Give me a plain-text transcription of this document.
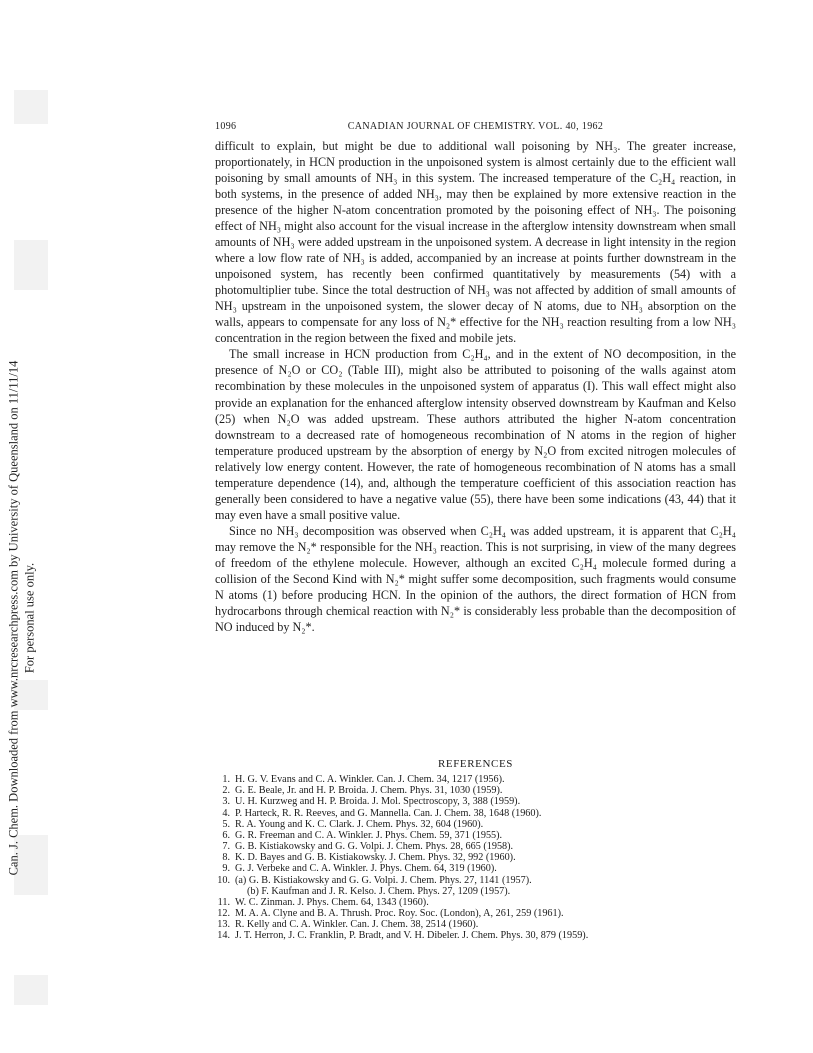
Can. J. Chem. Downloaded from www.nrcresearchpress.com by University of Queensland on 11/11/14 For personal use only.
CANADIAN JOURNAL OF CHEMISTRY. VOL. 40, 1962
1096

difficult to explain, but might be due to additional wall poisoning by NH₃. The greater increase, proportionately, in HCN production in the unpoisoned system is almost certainly due to the efficient wall poisoning by small amounts of NH₃ in this system. The increased temperature of the C₂H₄ reaction, in both systems, in the presence of added NH₃, may then be explained by more extensive reaction in the presence of the higher N-atom concentration promoted by the poisoning effect of NH₃. The poisoning effect of NH₃ might also account for the visual increase in the afterglow intensity downstream when small amounts of NH₃ were added upstream in the unpoisoned system. A decrease in light intensity in the region where a low flow rate of NH₃ is added, accompanied by an increase at points further downstream in the unpoisoned system, has recently been confirmed quantitatively by measurements (54) with a photomultiplier tube. Since the total destruction of NH₃ was not affected by addition of small amounts of NH₃ upstream in the unpoisoned system, the slower decay of N atoms, due to NH₃ absorption on the walls, appears to compensate for any loss of N₂* effective for the NH₃ reaction resulting from a low NH₃ concentration in the region between the fixed and mobile jets.

The small increase in HCN production from C₂H₄, and in the extent of NO decomposition, in the presence of N₂O or CO₂ (Table III), might also be attributed to poisoning of the walls against atom recombination by these molecules in the unpoisoned system of apparatus (I). This wall effect might also provide an explanation for the enhanced afterglow intensity observed downstream by Kaufman and Kelso (25) when N₂O was added upstream. These authors attributed the higher N-atom concentration downstream to a decreased rate of homogeneous recombination of N atoms in the region of higher temperature produced upstream by the absorption of energy by N₂O from excited nitrogen molecules of relatively low energy content. However, the rate of homogeneous recombination of N atoms has a small temperature dependence (14), and, although the temperature coefficient of this association reaction has generally been considered to have a negative value (55), there have been some indications (43, 44) that it may even have a small positive value.

Since no NH₃ decomposition was observed when C₂H₄ was added upstream, it is apparent that C₂H₄ may remove the N₂* responsible for the NH₃ reaction. This is not surprising, in view of the many degrees of freedom of the ethylene molecule. However, although an excited C₂H₄ molecule formed during a collision of the Second Kind with N₂* might suffer some decomposition, such fragments would consume N atoms (1) before producing HCN. In the opinion of the authors, the direct formation of HCN from hydrocarbons through chemical reaction with N₂* is considerably less probable than the decomposition of NO induced by N₂*.

REFERENCES
1. H. G. V. Evans and C. A. Winkler. Can. J. Chem. 34, 1217 (1956).
2. G. E. Beale, Jr. and H. P. Broida. J. Chem. Phys. 31, 1030 (1959).
3. U. H. Kurzweg and H. P. Broida. J. Mol. Spectroscopy, 3, 388 (1959).
4. P. Harteck, R. R. Reeves, and G. Mannella. Can. J. Chem. 38, 1648 (1960).
5. R. A. Young and K. C. Clark. J. Chem. Phys. 32, 604 (1960).
6. G. R. Freeman and C. A. Winkler. J. Phys. Chem. 59, 371 (1955).
7. G. B. Kistiakowsky and G. G. Volpi. J. Chem. Phys. 28, 665 (1958).
8. K. D. Bayes and G. B. Kistiakowsky. J. Chem. Phys. 32, 992 (1960).
9. G. J. Verbeke and C. A. Winkler. J. Phys. Chem. 64, 319 (1960).
10. (a) G. B. Kistiakowsky and G. G. Volpi. J. Chem. Phys. 27, 1141 (1957).
(b) F. Kaufman and J. R. Kelso. J. Chem. Phys. 27, 1209 (1957).
11. W. C. Zinman. J. Phys. Chem. 64, 1343 (1960).
12. M. A. A. Clyne and B. A. Thrush. Proc. Roy. Soc. (London), A, 261, 259 (1961).
13. R. Kelly and C. A. Winkler. Can. J. Chem. 38, 2514 (1960).
14. J. T. Herron, J. C. Franklin, P. Bradt, and V. H. Dibeler. J. Chem. Phys. 30, 879 (1959).
